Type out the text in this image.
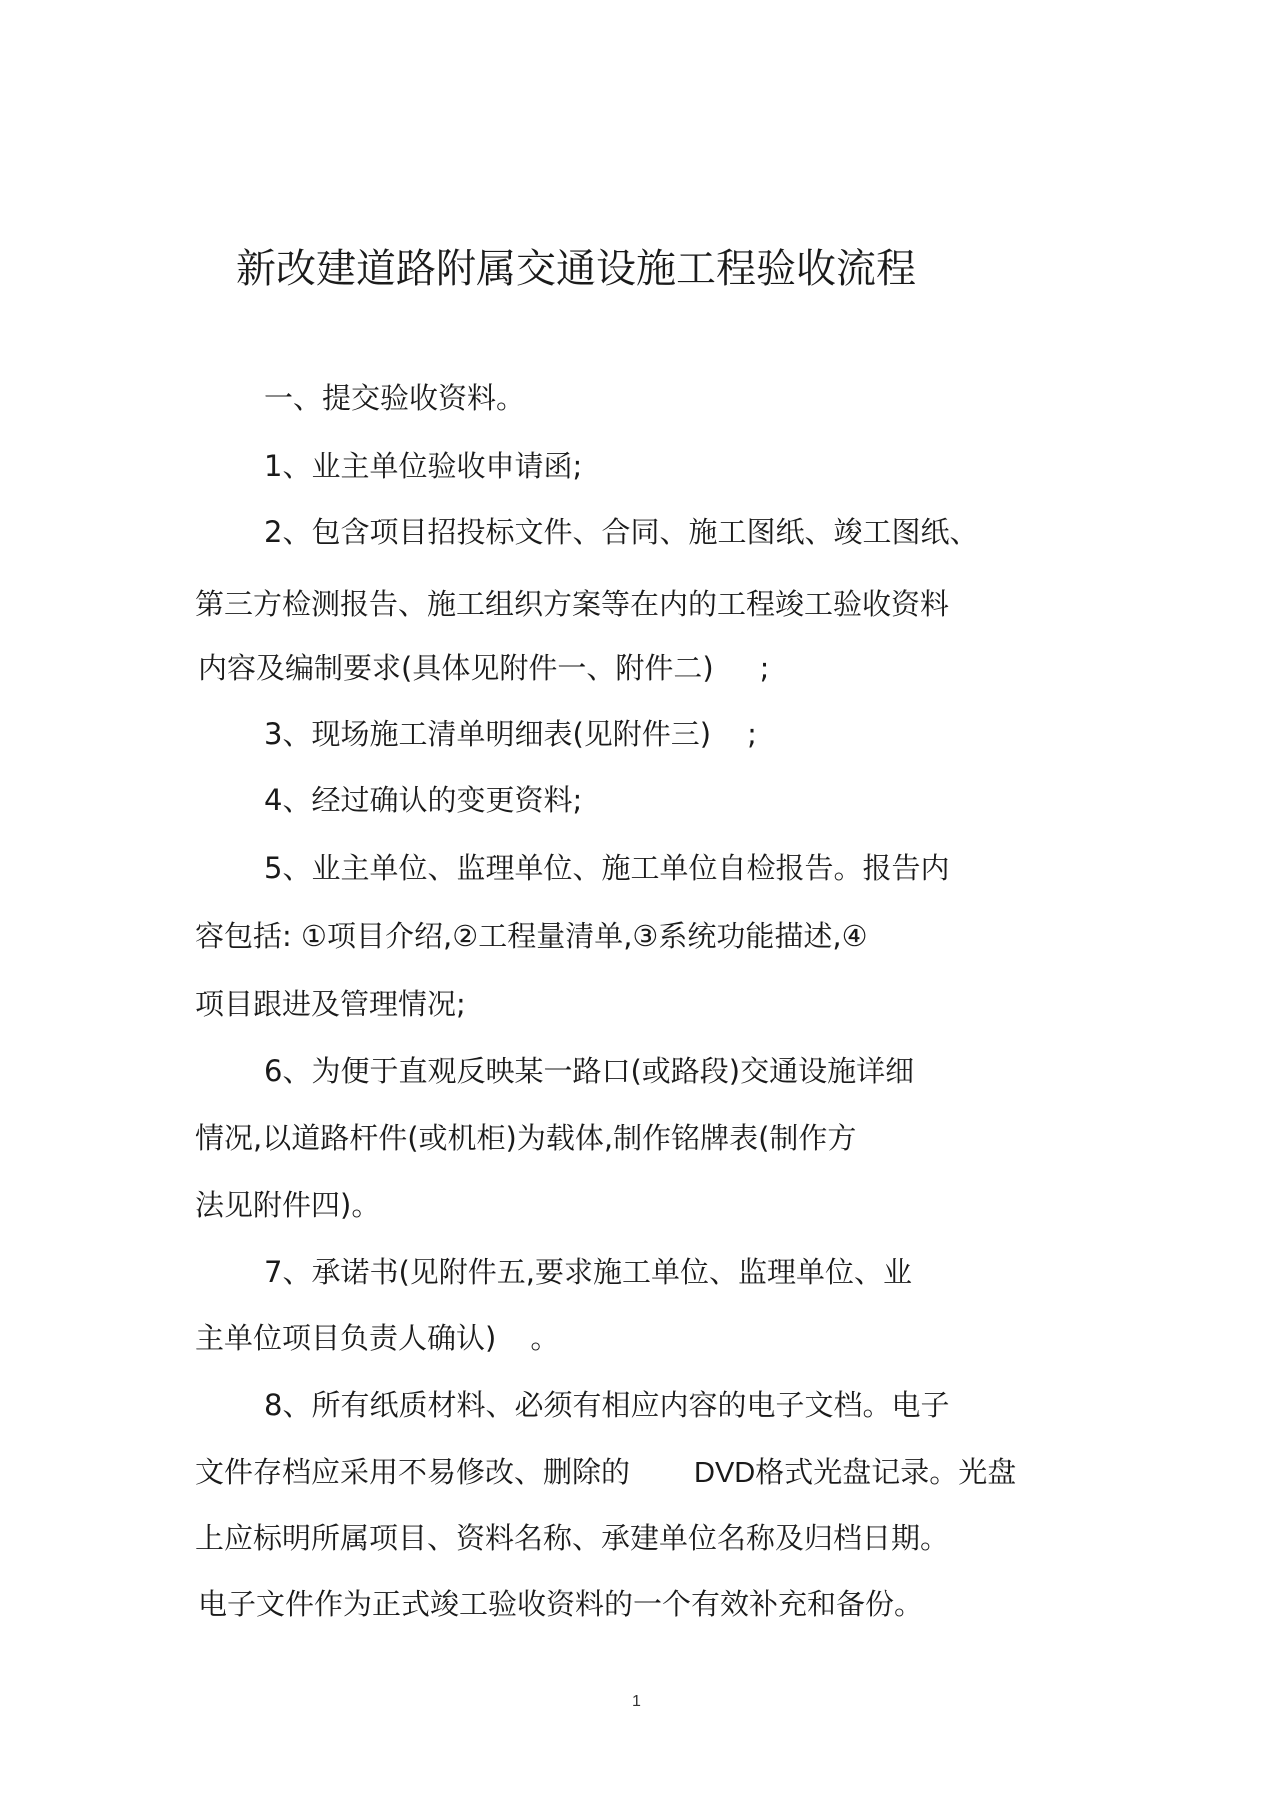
新改建道路附属交通设施工程验收流程
一、提交验收资料。
1、业主单位验收申请函;
2、包含项目招投标文件、合同、施工图纸、竣工图纸、
第三方检测报告、施工组织方案等在内的工程竣工验收资料
内容及编制要求(具体见附件一、附件二) ;
3、现场施工清单明细表(见附件三) ;
4、经过确认的变更资料;
5、业主单位、监理单位、施工单位自检报告。报告内
容包括: ①项目介绍,②工程量清单,③系统功能描述,④
项目跟进及管理情况;
6、为便于直观反映某一路口(或路段)交通设施详细
情况,以道路杆件(或机柜)为载体,制作铭牌表(制作方
法见附件四)。
7、承诺书(见附件五,要求施工单位、监理单位、业
主单位项目负责人确认) 。
8、所有纸质材料、必须有相应内容的电子文档。电子
文件存档应采用不易修改、删除的 DVD格式光盘记录。光盘
上应标明所属项目、资料名称、承建单位名称及归档日期。
电子文件作为正式竣工验收资料的一个有效补充和备份。
1
